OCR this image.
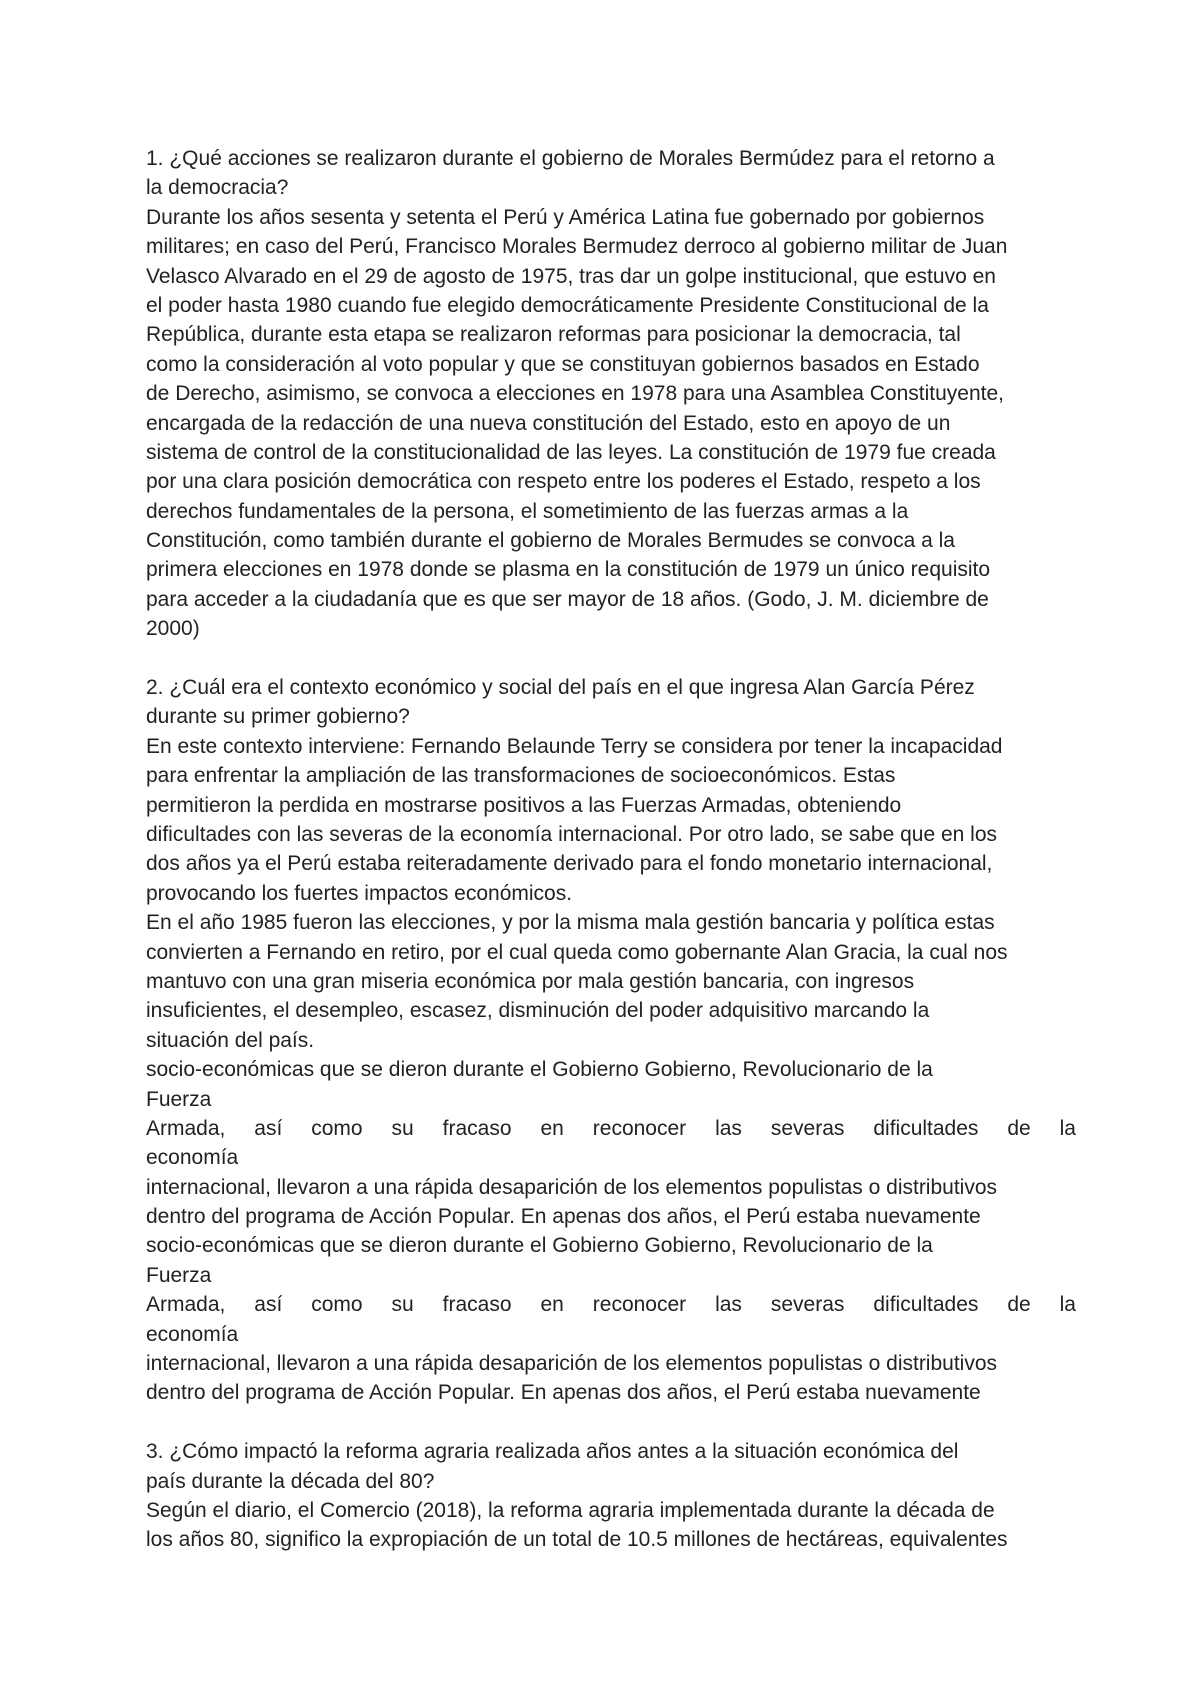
1. ¿Qué acciones se realizaron durante el gobierno de Morales Bermúdez para el retorno a
la democracia?
Durante los años sesenta y setenta el Perú y América Latina fue gobernado por gobiernos
militares; en caso del Perú, Francisco Morales Bermudez derroco al gobierno militar de Juan
Velasco Alvarado en el 29 de agosto de 1975, tras dar un golpe institucional, que estuvo en
el poder hasta 1980 cuando fue elegido democráticamente Presidente Constitucional de la
República, durante esta etapa se realizaron reformas para posicionar la democracia, tal
como la consideración al voto popular y que se constituyan gobiernos basados en Estado
de Derecho, asimismo, se convoca a elecciones en 1978 para una Asamblea Constituyente,
encargada de la redacción de una nueva constitución del Estado, esto en apoyo de un
sistema de control de la constitucionalidad de las leyes. La constitución de 1979 fue creada
por una clara posición democrática con respeto entre los poderes el Estado, respeto a los
derechos fundamentales de la persona, el sometimiento de las fuerzas armas a la
Constitución, como también durante el gobierno de Morales Bermudes se convoca a la
primera elecciones en 1978 donde se plasma en la constitución de 1979 un único requisito
para acceder a la ciudadanía que es que ser mayor de 18 años. (Godo, J. M. diciembre de
2000)
2. ¿Cuál era el contexto económico y social del país en el que ingresa Alan García Pérez
durante su primer gobierno?
En este contexto interviene: Fernando Belaunde Terry se considera por tener la incapacidad
para enfrentar la ampliación de las transformaciones de socioeconómicos. Estas
permitieron la perdida en mostrarse positivos a las Fuerzas Armadas, obteniendo
dificultades con las severas de la economía internacional. Por otro lado, se sabe que en los
dos años ya el Perú estaba reiteradamente derivado para el fondo monetario internacional,
provocando los fuertes impactos económicos.
En el año 1985 fueron las elecciones, y por la misma mala gestión bancaria y política estas
convierten a Fernando en retiro, por el cual queda como gobernante Alan Gracia, la cual nos
mantuvo con una gran miseria económica por mala gestión bancaria, con ingresos
insuficientes, el desempleo, escasez, disminución del poder adquisitivo marcando la
situación del país.
socio-económicas que se dieron durante el Gobierno Gobierno, Revolucionario de la
Fuerza
Armada, así como su fracaso en reconocer las severas dificultades de la
economía
internacional, llevaron a una rápida desaparición de los elementos populistas o distributivos
dentro del programa de Acción Popular. En apenas dos años, el Perú estaba nuevamente
socio-económicas que se dieron durante el Gobierno Gobierno, Revolucionario de la
Fuerza
Armada, así como su fracaso en reconocer las severas dificultades de la
economía
internacional, llevaron a una rápida desaparición de los elementos populistas o distributivos
dentro del programa de Acción Popular. En apenas dos años, el Perú estaba nuevamente
3. ¿Cómo impactó la reforma agraria realizada años antes a la situación económica del
país durante la década del 80?
Según el diario, el Comercio (2018), la reforma agraria implementada durante la década de
los años 80, significo la expropiación de un total de 10.5 millones de hectáreas, equivalentes
